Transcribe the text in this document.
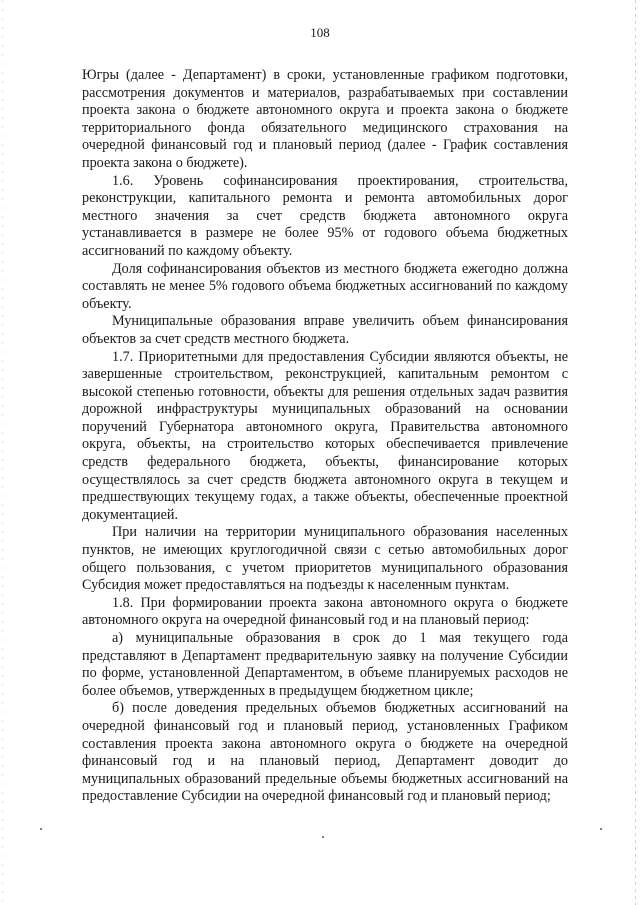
108

Югры (далее - Департамент) в сроки, установленные графиком подготовки, рассмотрения документов и материалов, разрабатываемых при составлении проекта закона о бюджете автономного округа и проекта закона о бюджете территориального фонда обязательного медицинского страхования на очередной финансовый год и плановый период (далее - График составления проекта закона о бюджете).

1.6. Уровень софинансирования проектирования, строительства, реконструкции, капитального ремонта и ремонта автомобильных дорог местного значения за счет средств бюджета автономного округа устанавливается в размере не более 95% от годового объема бюджетных ассигнований по каждому объекту.

Доля софинансирования объектов из местного бюджета ежегодно должна составлять не менее 5% годового объема бюджетных ассигнований по каждому объекту.

Муниципальные образования вправе увеличить объем финансирования объектов за счет средств местного бюджета.

1.7. Приоритетными для предоставления Субсидии являются объекты, не завершенные строительством, реконструкцией, капитальным ремонтом с высокой степенью готовности, объекты для решения отдельных задач развития дорожной инфраструктуры муниципальных образований на основании поручений Губернатора автономного округа, Правительства автономного округа, объекты, на строительство которых обеспечивается привлечение средств федерального бюджета, объекты, финансирование которых осуществлялось за счет средств бюджета автономного округа в текущем и предшествующих текущему годах, а также объекты, обеспеченные проектной документацией.

При наличии на территории муниципального образования населенных пунктов, не имеющих круглогодичной связи с сетью автомобильных дорог общего пользования, с учетом приоритетов муниципального образования Субсидия может предоставляться на подъезды к населенным пунктам.

1.8. При формировании проекта закона автономного округа о бюджете автономного округа на очередной финансовый год и на плановый период:

а) муниципальные образования в срок до 1 мая текущего года представляют в Департамент предварительную заявку на получение Субсидии по форме, установленной Департаментом, в объеме планируемых расходов не более объемов, утвержденных в предыдущем бюджетном цикле;

б) после доведения предельных объемов бюджетных ассигнований на очередной финансовый год и плановый период, установленных Графиком составления проекта закона автономного округа о бюджете на очередной финансовый год и на плановый период, Департамент доводит до муниципальных образований предельные объемы бюджетных ассигнований на предоставление Субсидии на очередной финансовый год и плановый период;
